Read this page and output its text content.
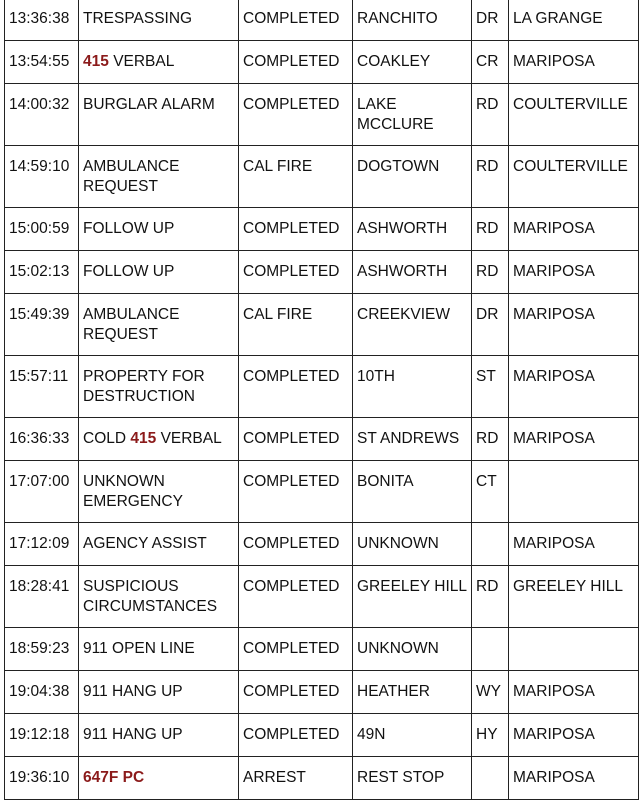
13:36:38	TRESPASSING	COMPLETED	RANCHITO	DR	LA GRANGE
13:54:55	415 VERBAL	COMPLETED	COAKLEY	CR	MARIPOSA
14:00:32	BURGLAR ALARM	COMPLETED	LAKE MCCLURE	RD	COULTERVILLE
14:59:10	AMBULANCE REQUEST	CAL FIRE	DOGTOWN	RD	COULTERVILLE
15:00:59	FOLLOW UP	COMPLETED	ASHWORTH	RD	MARIPOSA
15:02:13	FOLLOW UP	COMPLETED	ASHWORTH	RD	MARIPOSA
15:49:39	AMBULANCE REQUEST	CAL FIRE	CREEKVIEW	DR	MARIPOSA
15:57:11	PROPERTY FOR DESTRUCTION	COMPLETED	10TH	ST	MARIPOSA
16:36:33	COLD 415 VERBAL	COMPLETED	ST ANDREWS	RD	MARIPOSA
17:07:00	UNKNOWN EMERGENCY	COMPLETED	BONITA	CT	
17:12:09	AGENCY ASSIST	COMPLETED	UNKNOWN		MARIPOSA
18:28:41	SUSPICIOUS CIRCUMSTANCES	COMPLETED	GREELEY HILL	RD	GREELEY HILL
18:59:23	911 OPEN LINE	COMPLETED	UNKNOWN		
19:04:38	911 HANG UP	COMPLETED	HEATHER	WY	MARIPOSA
19:12:18	911 HANG UP	COMPLETED	49N	HY	MARIPOSA
19:36:10	647F PC	ARREST	REST STOP		MARIPOSA
